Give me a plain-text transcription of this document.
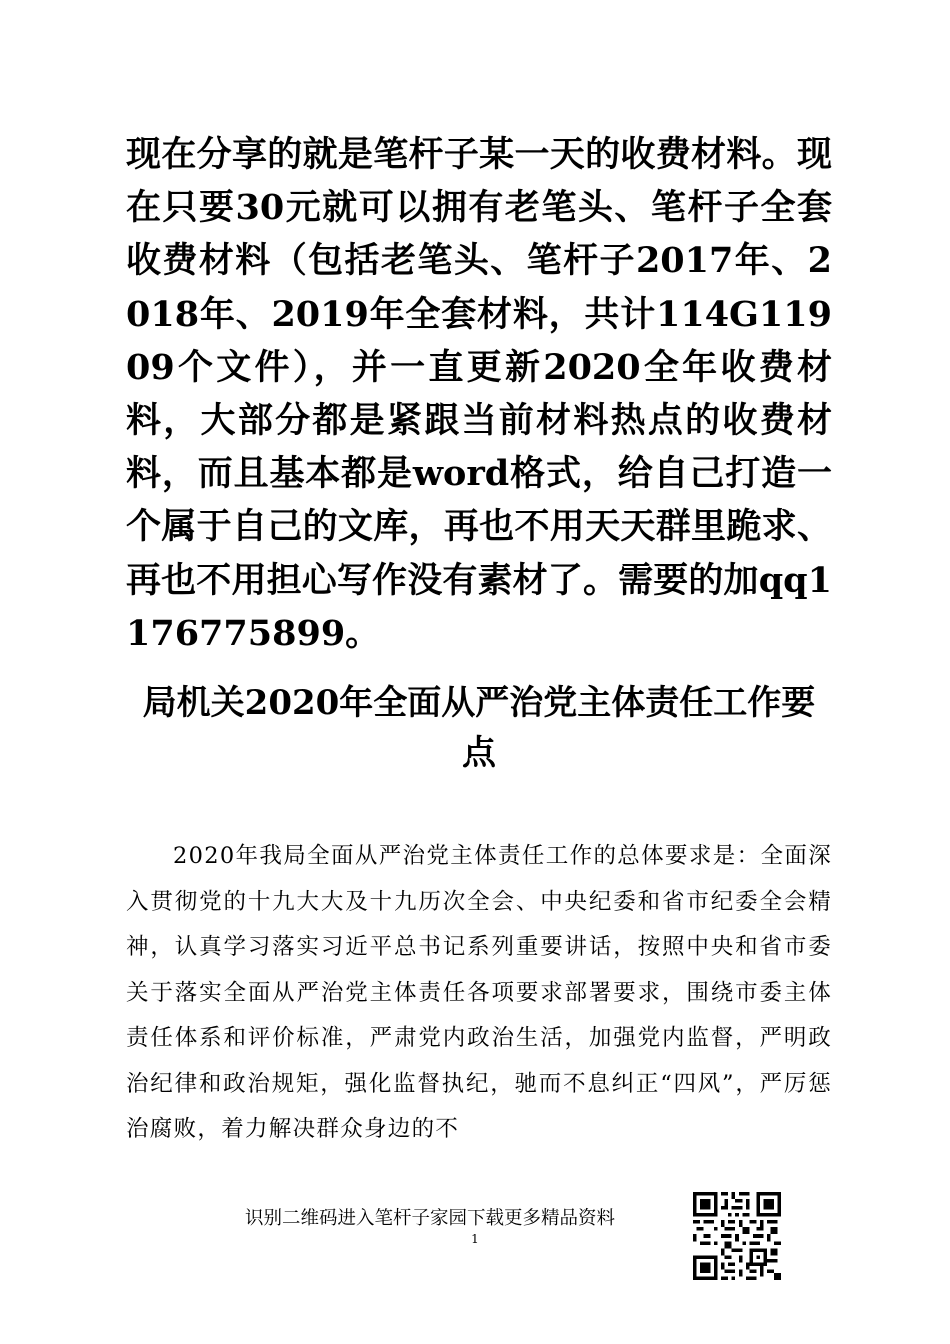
现在分享的就是笔杆子某一天的收费材料。现在只要30元就可以拥有老笔头、笔杆子全套收费材料（包括老笔头、笔杆子2017年、2018年、2019年全套材料，共计114G11909个文件），并一直更新2020全年收费材料，大部分都是紧跟当前材料热点的收费材料，而且基本都是word格式，给自己打造一个属于自己的文库，再也不用天天群里跪求、再也不用担心写作没有素材了。需要的加qq1176775899。
局机关2020年全面从严治党主体责任工作要点
2020年我局全面从严治党主体责任工作的总体要求是：全面深入贯彻党的十九大大及十九历次全会、中央纪委和省市纪委全会精神，认真学习落实习近平总书记系列重要讲话，按照中央和省市委关于落实全面从严治党主体责任各项要求部署要求，围绕市委主体责任体系和评价标准，严肃党内政治生活，加强党内监督，严明政治纪律和政治规矩，强化监督执纪，驰而不息纠正“四风”，严厉惩治腐败，着力解决群众身边的不
识别二维码进入笔杆子家园下载更多精品资料
1
